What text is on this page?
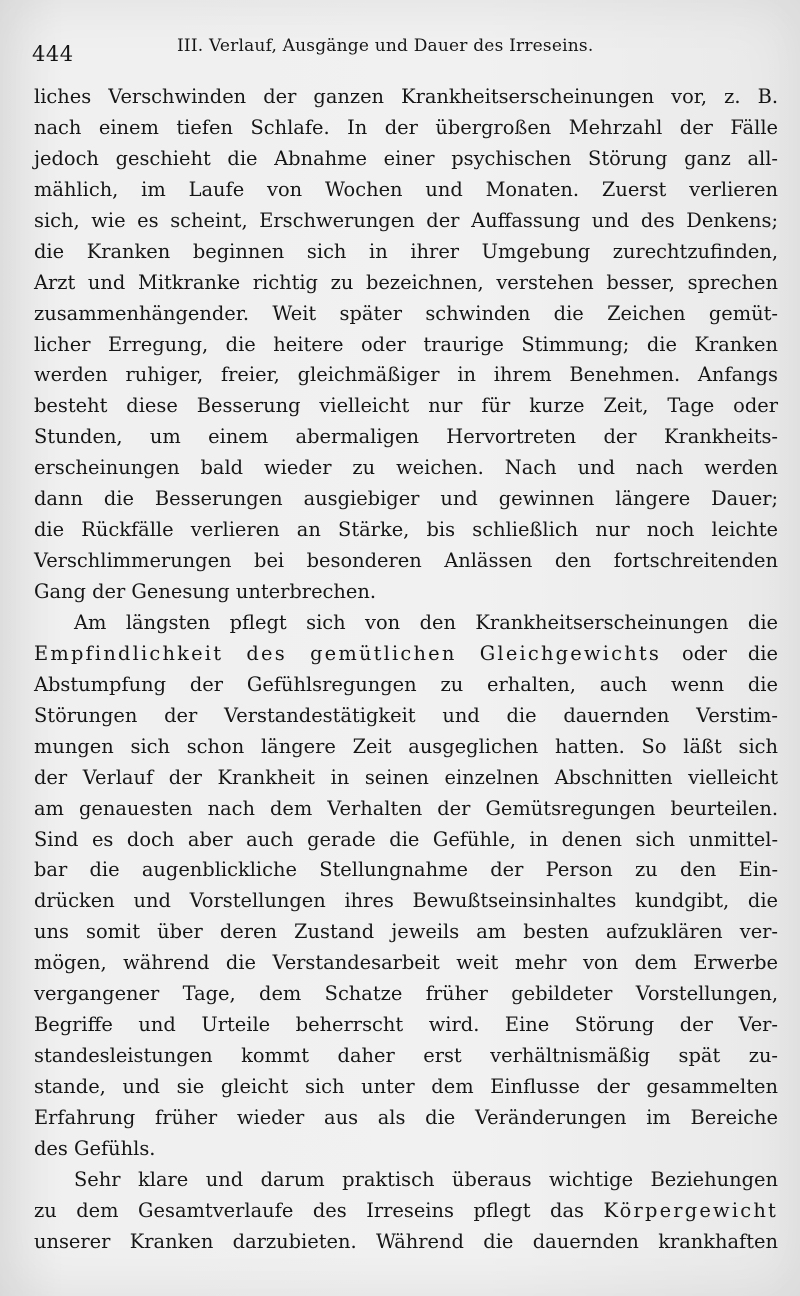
444	III. Verlauf, Ausgänge und Dauer des Irreseins.
liches Verschwinden der ganzen Krankheitserscheinungen vor, z. B.
nach einem tiefen Schlafe. In der übergroßen Mehrzahl der Fälle
jedoch geschieht die Abnahme einer psychischen Störung ganz all-
mählich, im Laufe von Wochen und Monaten. Zuerst verlieren
sich, wie es scheint, Erschwerungen der Auffassung und des Denkens;
die Kranken beginnen sich in ihrer Umgebung zurechtzufinden,
Arzt und Mitkranke richtig zu bezeichnen, verstehen besser, sprechen
zusammenhängender. Weit später schwinden die Zeichen gemüt-
licher Erregung, die heitere oder traurige Stimmung; die Kranken
werden ruhiger, freier, gleichmäßiger in ihrem Benehmen. Anfangs
besteht diese Besserung vielleicht nur für kurze Zeit, Tage oder
Stunden, um einem abermaligen Hervortreten der Krankheits-
erscheinungen bald wieder zu weichen. Nach und nach werden
dann die Besserungen ausgiebiger und gewinnen längere Dauer;
die Rückfälle verlieren an Stärke, bis schließlich nur noch leichte
Verschlimmerungen bei besonderen Anlässen den fortschreitenden
Gang der Genesung unterbrechen.
Am längsten pflegt sich von den Krankheitserscheinungen die
Empfindlichkeit des gemütlichen Gleichgewichts oder die
Abstumpfung der Gefühlsregungen zu erhalten, auch wenn die
Störungen der Verstandestätigkeit und die dauernden Verstim-
mungen sich schon längere Zeit ausgeglichen hatten. So läßt sich
der Verlauf der Krankheit in seinen einzelnen Abschnitten vielleicht
am genauesten nach dem Verhalten der Gemütsregungen beurteilen.
Sind es doch aber auch gerade die Gefühle, in denen sich unmittel-
bar die augenblickliche Stellungnahme der Person zu den Ein-
drücken und Vorstellungen ihres Bewußtseinsinhaltes kundgibt, die
uns somit über deren Zustand jeweils am besten aufzuklären ver-
mögen, während die Verstandesarbeit weit mehr von dem Erwerbe
vergangener Tage, dem Schatze früher gebildeter Vorstellungen,
Begriffe und Urteile beherrscht wird. Eine Störung der Ver-
standesleistungen kommt daher erst verhältnismäßig spät zu-
stande, und sie gleicht sich unter dem Einflusse der gesammelten
Erfahrung früher wieder aus als die Veränderungen im Bereiche
des Gefühls.
Sehr klare und darum praktisch überaus wichtige Beziehungen
zu dem Gesamtverlaufe des Irreseins pflegt das Körpergewicht
unserer Kranken darzubieten. Während die dauernden krankhaften
